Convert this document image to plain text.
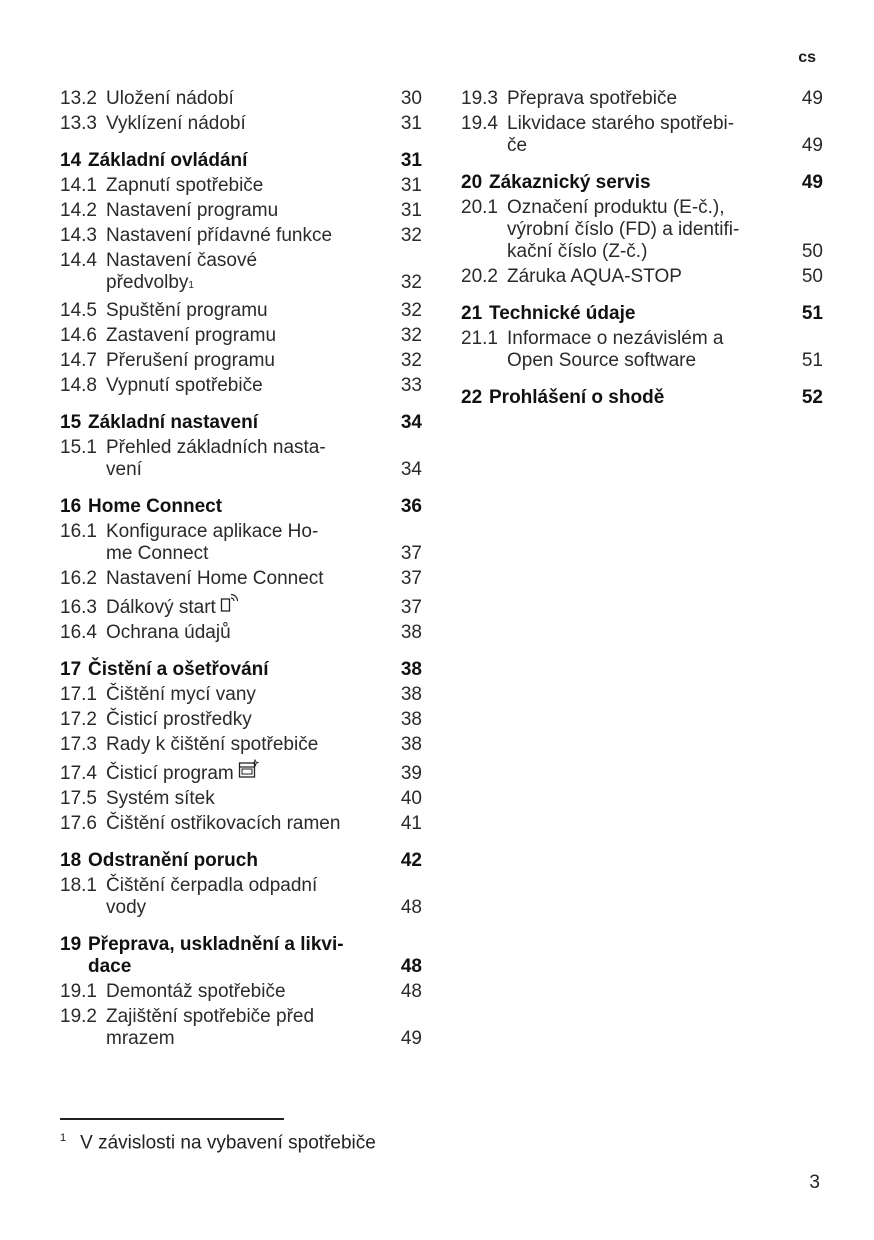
cs
13.2 Uložení nádobí .....	30
13.3 Vyklízení nádobí .....	31
14 Základní ovládání .....	31
14.1 Zapnutí spotřebiče .....	31
14.2 Nastavení programu .....	31
14.3 Nastavení přídavné funkce .....	32
14.4 Nastavení časové
předvolby 1 .....	32
14.5 Spuštění programu .....	32
14.6 Zastavení programu .....	32
14.7 Přerušení programu .....	32
14.8 Vypnutí spotřebiče .....	33
15 Základní nastavení .....	34
15.1 Přehled základních nasta-
vení .....	34
16 Home Connect .....	36
16.1 Konfigurace aplikace Ho-
me Connect .....	37
16.2 Nastavení Home Connect .....	37
16.3 Dálkový start .....	37
16.4 Ochrana údajů .....	38
17 Čistění a ošetřování .....	38
17.1 Čištění mycí vany .....	38
17.2 Čisticí prostředky .....	38
17.3 Rady k čištění spotřebiče .....	38
17.4 Čisticí program .....	39
17.5 Systém sítek .....	40
17.6 Čištění ostřikovacích ramen .....	41
18 Odstranění poruch .....	42
18.1 Čištění čerpadla odpadní
vody .....	48
19 Přeprava, uskladnění a likvi-
dace .....	48
19.1 Demontáž spotřebiče .....	48
19.2 Zajištění spotřebiče před
mrazem .....	49
19.3 Přeprava spotřebiče .....	49
19.4 Likvidace starého spotřebi-
če .....	49
20 Zákaznický servis .....	49
20.1 Označení produktu (E-č.),
výrobní číslo (FD) a identifi-
kační číslo (Z-č.) .....	50
20.2 Záruka AQUA-STOP .....	50
21 Technické údaje .....	51
21.1 Informace o nezávislém a
Open Source software .....	51
22 Prohlášení o shodě .....	52
$^1$ V závislosti na vybavení spotřebiče
3
